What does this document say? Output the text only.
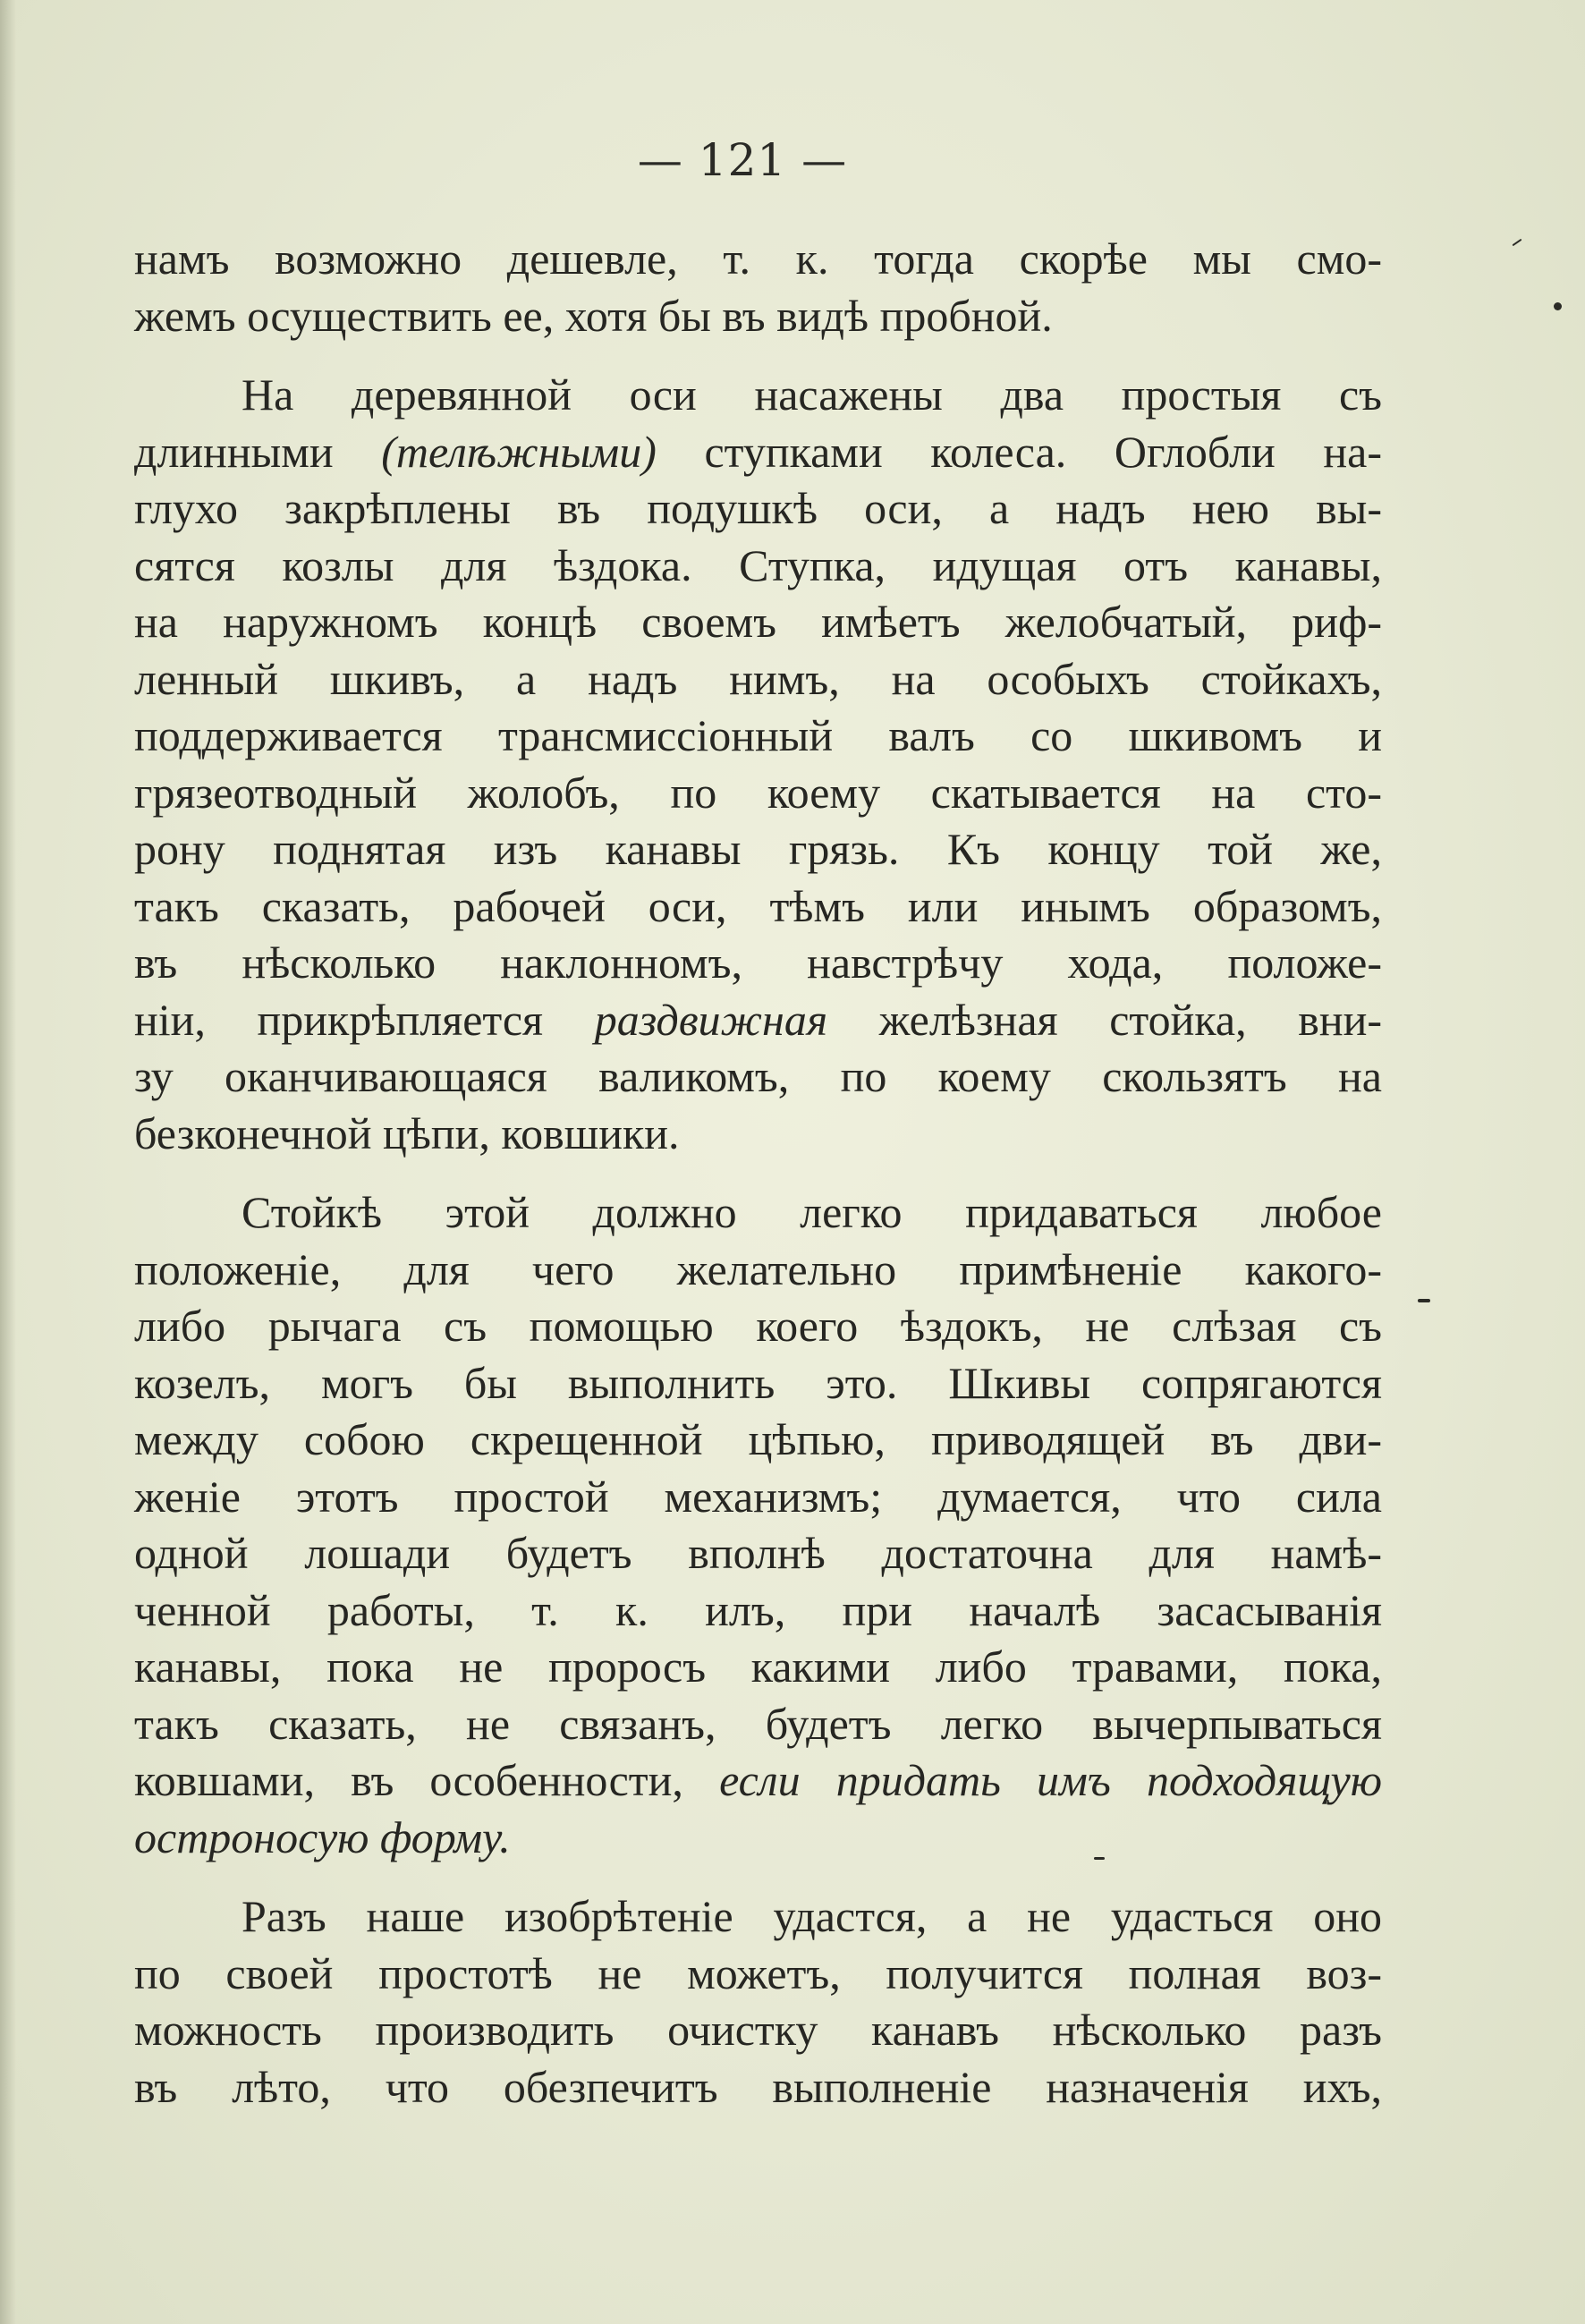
— 121 —

намъ возможно дешевле, т. к. тогда скорѣе мы смо-
жемъ осуществить ее, хотя бы въ видѣ пробной.

На деревянной оси насажены два простыя съ
длинными (телѣжными) ступками колеса. Оглобли на-
глухо закрѣплены въ подушкѣ оси, а надъ нею вы-
сятся козлы для ѣздока. Ступка, идущая отъ канавы,
на наружномъ концѣ своемъ имѣетъ желобчатый, риф-
ленный шкивъ, а надъ нимъ, на особыхъ стойкахъ,
поддерживается трансмиссіонный валъ со шкивомъ и
грязеотводный жолобъ, по коему скатывается на сто-
рону поднятая изъ канавы грязь. Къ концу той же,
такъ сказать, рабочей оси, тѣмъ или инымъ образомъ,
въ нѣсколько наклонномъ, навстрѣчу хода, положе-
ніи, прикрѣпляется раздвижная желѣзная стойка, вни-
зу оканчивающаяся валикомъ, по коему скользятъ на
безконечной цѣпи, ковшики.

Стойкѣ этой должно легко придаваться любое
положеніе, для чего желательно примѣненіе какого-
либо рычага съ помощью коего ѣздокъ, не слѣзая съ
козелъ, могъ бы выполнить это. Шкивы сопрягаются
между собою скрещенной цѣпью, приводящей въ дви-
женіе этотъ простой механизмъ; думается, что сила
одной лошади будетъ вполнѣ достаточна для намѣ-
ченной работы, т. к. илъ, при началѣ засасыванія
канавы, пока не проросъ какими либо травами, пока,
такъ сказать, не связанъ, будетъ легко вычерпываться
ковшами, въ особенности, если придать имъ подходящую
остроносую форму.

Разъ наше изобрѣтеніе удастся, а не удасться оно
по своей простотѣ не можетъ, получится полная воз-
можность производить очистку канавъ нѣсколько разъ
въ лѣто, что обезпечитъ выполненіе назначенія ихъ,
